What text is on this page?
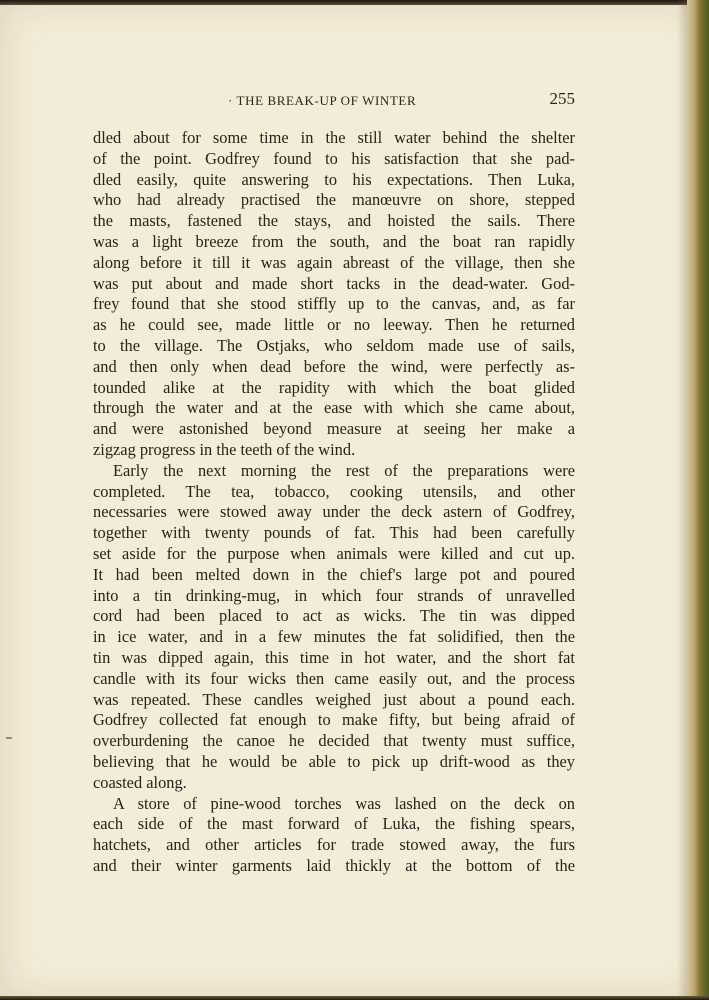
· THE BREAK-UP OF WINTER	255
dled about for some time in the still water behind the shelter
of the point. Godfrey found to his satisfaction that she pad-
dled easily, quite answering to his expectations. Then Luka,
who had already practised the manœuvre on shore, stepped
the masts, fastened the stays, and hoisted the sails. There
was a light breeze from the south, and the boat ran rapidly
along before it till it was again abreast of the village, then she
was put about and made short tacks in the dead-water. God-
frey found that she stood stiffly up to the canvas, and, as far
as he could see, made little or no leeway. Then he returned
to the village. The Ostjaks, who seldom made use of sails,
and then only when dead before the wind, were perfectly as-
tounded alike at the rapidity with which the boat glided
through the water and at the ease with which she came about,
and were astonished beyond measure at seeing her make a
zigzag progress in the teeth of the wind.
Early the next morning the rest of the preparations were
completed. The tea, tobacco, cooking utensils, and other
necessaries were stowed away under the deck astern of Godfrey,
together with twenty pounds of fat. This had been carefully
set aside for the purpose when animals were killed and cut up.
It had been melted down in the chief's large pot and poured
into a tin drinking-mug, in which four strands of unravelled
cord had been placed to act as wicks. The tin was dipped
in ice water, and in a few minutes the fat solidified, then the
tin was dipped again, this time in hot water, and the short fat
candle with its four wicks then came easily out, and the process
was repeated. These candles weighed just about a pound each.
Godfrey collected fat enough to make fifty, but being afraid of
overburdening the canoe he decided that twenty must suffice,
believing that he would be able to pick up drift-wood as they
coasted along.
A store of pine-wood torches was lashed on the deck on
each side of the mast forward of Luka, the fishing spears,
hatchets, and other articles for trade stowed away, the furs
and their winter garments laid thickly at the bottom of the
